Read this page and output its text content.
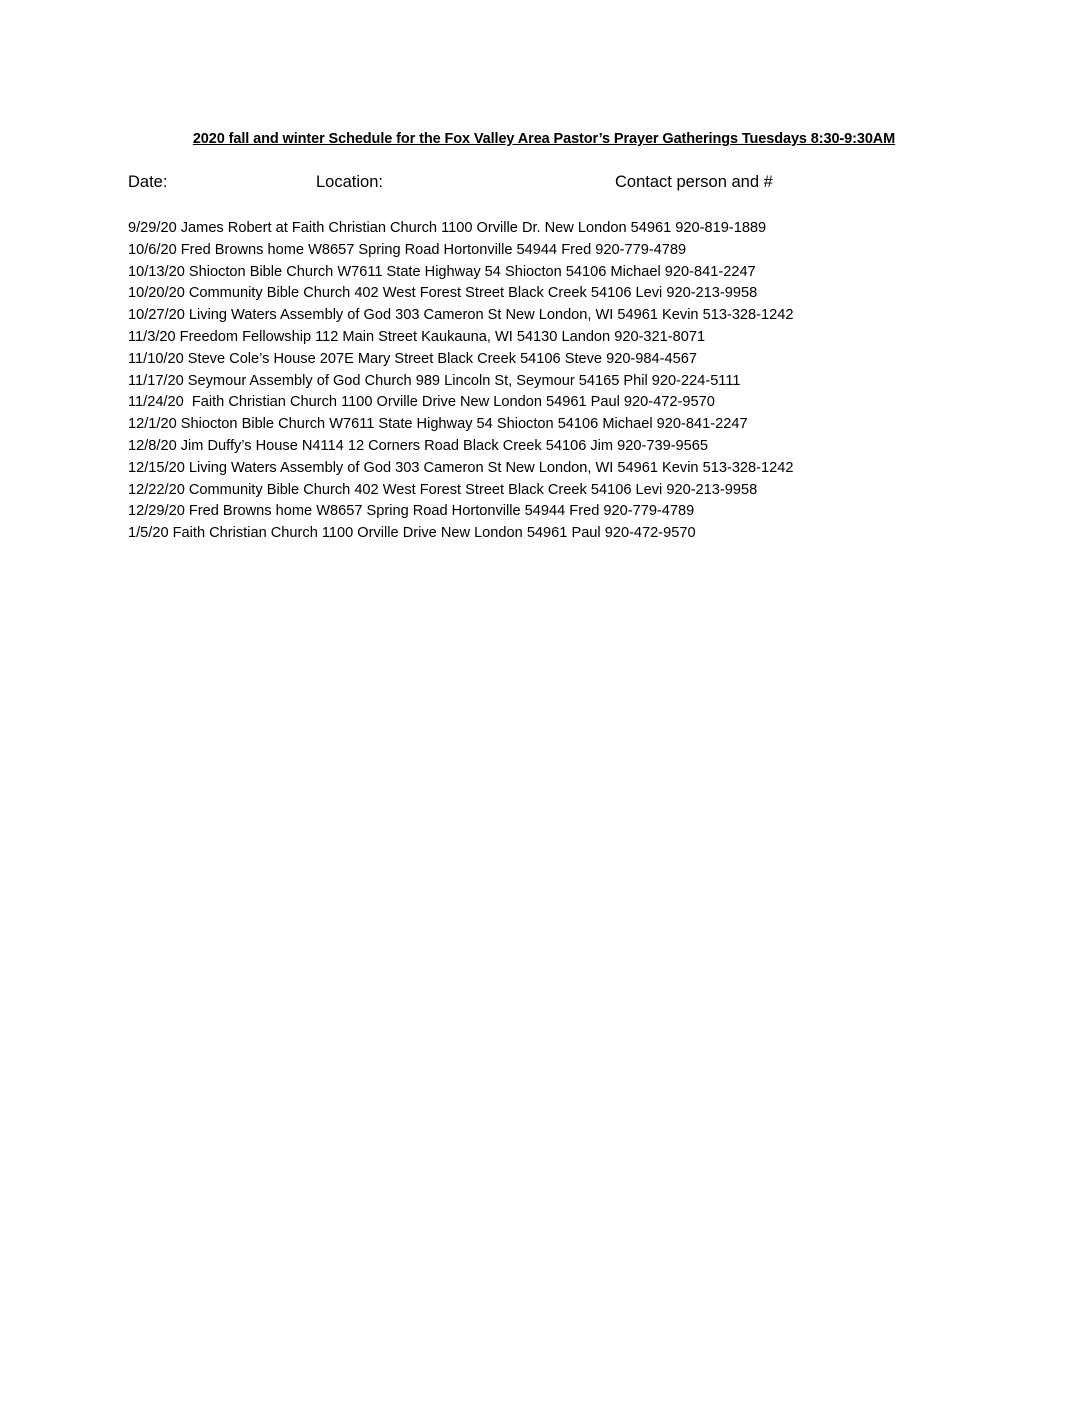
2020 fall and winter Schedule for the Fox Valley Area Pastor’s Prayer Gatherings Tuesdays 8:30-9:30AM
Date:	Location:	Contact person and #
9/29/20 James Robert at Faith Christian Church 1100 Orville Dr. New London 54961 920-819-1889
10/6/20 Fred Browns home W8657 Spring Road Hortonville 54944 Fred 920-779-4789
10/13/20 Shiocton Bible Church W7611 State Highway 54 Shiocton 54106 Michael 920-841-2247
10/20/20 Community Bible Church 402 West Forest Street Black Creek 54106 Levi 920-213-9958
10/27/20 Living Waters Assembly of God 303 Cameron St New London, WI 54961 Kevin 513-328-1242
11/3/20 Freedom Fellowship 112 Main Street Kaukauna, WI 54130 Landon 920-321-8071
11/10/20 Steve Cole’s House 207E Mary Street Black Creek 54106 Steve 920-984-4567
11/17/20 Seymour Assembly of God Church 989 Lincoln St, Seymour 54165 Phil 920-224-5111
11/24/20  Faith Christian Church 1100 Orville Drive New London 54961 Paul 920-472-9570
12/1/20 Shiocton Bible Church W7611 State Highway 54 Shiocton 54106 Michael 920-841-2247
12/8/20 Jim Duffy’s House N4114 12 Corners Road Black Creek 54106 Jim 920-739-9565
12/15/20 Living Waters Assembly of God 303 Cameron St New London, WI 54961 Kevin 513-328-1242
12/22/20 Community Bible Church 402 West Forest Street Black Creek 54106 Levi 920-213-9958
12/29/20 Fred Browns home W8657 Spring Road Hortonville 54944 Fred 920-779-4789
1/5/20 Faith Christian Church 1100 Orville Drive New London 54961 Paul 920-472-9570
